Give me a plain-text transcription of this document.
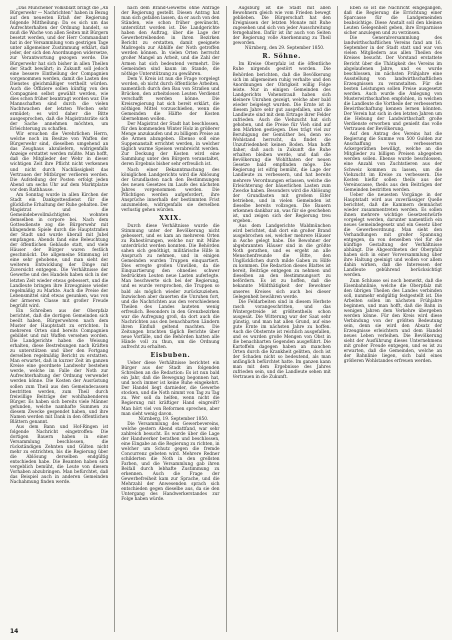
„Das Münchener Volksblatt bringt die „An Bürgerwehr — Nachrichten“ haben in Bezug auf den neuesten Erlaß der Regierung folgende Mittheilung: Da es sich um das Aufrechterhalten der Ordnung handelt, so muß die Wache von allen Seiten mit Bürgern besetzt werden, und der Herr Commandant hat in der Versammlung vom gestrigen Tage unter allgemeiner Zustimmung erklärt, daß jeder, der sich den Anordnungen widersetze, zur Verantwortung gezogen werde. Die Bürgerwehr hat sich bisher in allen Theilen der Stadt bewährt; in Zukunft soll jedoch eine bessere Eintheilung der Compagnien vorgenommen werden, damit die Lasten des Dienstes gleichmäßiger vertheilt würden. Auch die Offiziere sollen künftig von den Compagnien selbst gewählt werden, wie dies schon früher beantragt worden war. Die Mannschaften sind durch die vielen Nachtwachen der letzten Wochen sehr ermüdet; es wird daher die Bitte ausgesprochen, daß die Magistratsräte sich der Sache annehmen möchten, um Erleichterung zu schaffen.

Wir ersuchen die Verehrlichen Herrn, welche noch im Besitze von Waffen der Bürgerwehr sind, dieselben umgehend an das Zeughaus abzuliefern, widrigenfalls Anzeige erstattet werden müßte. Man hofft, daß die Mitglieder der Wehr in dieser wichtigen Zeit ihre Pflicht nicht verkennen und nicht durch Nachlässigkeit das Vertrauen der Mitbürger verlieren werden. Die Aufstellung der Posten erfolgt jeden Abend um sechs Uhr auf dem Marktplatze vor dem Rathhause.

Am Sonntag wurde in allen Kirchen der Stadt ein Dankgottesdienst für die glückliche Erhaltung der Ruhe gehalten. Der Magistrat und die Gemeindebevollmächtigten wohnten demselben in corpore bei. Nach dem Gottesdienste zog die Bürgerwehr mit klingendem Spiele durch die Hauptstraßen der Stadt und wurde überall mit Jubel empfangen. Abends fand eine Beleuchtung der öffentlichen Gebäude statt, und viele Häuser der Bürger waren festlich geschmückt. Die allgemeine Stimmung ist eine sehr gehobene, und man sieht der weiteren Entwicklung der Dinge mit Zuversicht entgegen. Die Verhältnisse der Gewerbe und des Handels haben sich in der letzten Zeit wieder etwas gebessert, und die Landleute bringen ihre Erzeugnisse wieder regelmäßig zu Markte. Auch die Preise der Lebensmittel sind etwas gesunken, was von der ärmeren Classe mit großer Freude begrüßt wird.

Ein Schreiben aus der Oberpfalz berichtet, daß die dortigen Gemeinden sich beeilt haben, Bürgerwehren nach dem Muster der Hauptstadt zu errichten. In mehreren Orten sind bereits Compagnien gebildet und mit Waffen versehen worden. Die Landgerichte haben die Weisung erhalten, diese Bestrebungen nach Kräften zu unterstützen und über den Fortgang derselben regelmäßig Bericht zu erstatten. Man erwartet, daß in kurzer Zeit im ganzen Kreise eine geordnete Landwehr bestehen werde, welche im Falle der Noth zur Aufrechterhaltung der Ordnung verwendet werden könne. Die Kosten der Ausrüstung sollen zum Theil aus den Gemeindecassen bestritten werden, zum Theil durch freiwillige Beiträge der wohlhabenderen Bürger. Es haben sich bereits viele Männer gefunden, welche namhafte Summen zu diesem Zwecke gespendet haben, und ihre Namen werden mit Dank in den öffentlichen Blättern genannt.

Aus dem Bann und Hof-Ringen ist folgende Nachricht eingetroffen: Die dortigen Bauern haben in einer Versammlung beschlossen, die rückständigen Zehnten und Gülten nicht mehr zu entrichten, bis die Regierung über die Ablösung derselben endgültig entschieden habe. Die Beamten haben sich vergeblich bemüht, die Leute von diesem Vorhaben abzubringen. Man befürchtet, daß das Beispiel auch in anderen Gemeinden Nachahmung finden werde.

nach dem Brand-Gewerbs ohne Anfrage der Regierung gestellt. Diesen Antrag hat man sich gefallen lassen, da er auch von den Ständen, wie schon früher gewünscht, unterstützt worden ist. Die Landgerichte haben den Auftrag, über die Lage der Gewerbetreibenden in ihren Bezirken Bericht zu erstatten, damit geeignete Maßregeln zur Abhilfe der Noth getroffen werden können. In vielen Orten herrscht großer Mangel an Arbeit, und die Zahl der Armen hat sich bedeutend vermehrt. Die Gemeinden sind kaum im Stande, die nöthige Unterstützung zu gewähren.

Dem V. Kreis ist nun die Frage vorgelegt worden, ob nicht durch öffentliche Arbeiten, namentlich durch den Bau von Straßen und Brücken, den arbeitslosen Leuten Verdienst verschafft werden könne. Die Kreisregierung hat sich bereit erklärt, die nöthigen Mittel vorzuschießen, wenn die Gemeinden die Hälfte der Kosten übernehmen wollen.

Der Magistrat der Stadt hat beschlossen, für den kommenden Winter Holz in größerer Menge anzukaufen und zu billigem Preise an die Armen abzugeben. Ebenso soll eine Suppenanstalt errichtet werden, in welcher täglich warme Speisen verabreicht werden. Zur Deckung der Kosten wird eine Sammlung unter den Bürgern veranstaltet, deren Ergebnis bisher sehr erfreulich ist.

Nach einer Bekanntmachung des königlichen Landgerichts wird die Ablösung der Grundlasten nach den Bestimmungen des neuen Gesetzes im Laufe des nächsten Jahres vorgenommen werden. Die Pflichtigen werden aufgefordert, ihre Ansprüche innerhalb der bestimmten Frist anzumelden, widrigenfalls sie derselben verlustig gehen würden.

XXIX.

Durch diese Verhältnisse wurde die Stimmung unter der Bevölkerung nicht gebessert, und es kam an mehreren Orten zu Ruhestörungen, welche nur mit Mühe unterdrückt werden konnten. Die Behörden sahen sich genöthigt, militärische Hilfe in Anspruch zu nehmen, und in einigen Gemeinden wurden Truppen einquartiert. Dies erregte großen Unwillen, da die Einquartierung den ohnedies schwer bedrückten Leuten neue Lasten auferlegte. Man beschwerte sich bei der Regierung, und es wurde versprochen, die Truppen so bald als möglich wieder zurückzuziehen. Inzwischen aber dauerten die Unruhen fort, und die Nachrichten aus den verschiedenen Theilen des Landes lauteten wenig erfreulich. Besonders in den Grenzbezirken war die Aufregung groß, da dort auch die Nachrichten aus den benachbarten Ländern ihren Einfluß geltend machten. Die Zeitungen brachten täglich Berichte über neue Vorfälle, und die Behörden hatten alle Hände voll zu thun, um die Ordnung aufrecht zu erhalten.

Eisbuben.

Ueber diese Verhältnisse berichtet ein Bürger aus der Stadt im folgenden Schreiben an die Redaction: Es ist nun bald ein Jahr, daß die Bewegung begonnen hat, und noch immer ist keine Ruhe eingekehrt. Der Handel liegt darnieder, die Gewerbe stocken, und die Noth nimmt von Tag zu Tag zu. Wer soll da helfen, wenn nicht die Regierung mit kräftiger Hand eingreift? Man hört viel von Reformen sprechen, aber man sieht wenig davon.

Nürnberg, 19. September 1850.

Die Versammlung des Gewerbevereins, welche gestern Abend stattfand, war sehr zahlreich besucht. Es wurde über die Lage der Handwerker berathen und beschlossen, eine Eingabe an die Regierung zu richten, in welcher um Schutz gegen die fremde Concurrenz gebeten wird. Mehrere Redner schilderten die Noth in den grellsten Farben, und die Versammlung gab ihren Beifall durch lebhafte Zustimmung zu erkennen. Auch die Frage der Gewerbefreiheit kam zur Sprache, und die Mehrzahl der Anwesenden sprach sich entschieden gegen dieselbe aus, da sie den Untergang des Handwerkerstandes zur Folge haben würde.

Augsburg ist die Stadt mit allen Bewohnern gleich wie vom Frieden bewegt geblieben. Die Bürgerschaft hat den Ereignissen der letzten Monate mit Ruhe zugesehen und sich von jeder Ausschreitung ferngehalten. Dafür ist ihr auch von Seiten der Regierung volle Anerkennung zu Theil geworden.

Nürnberg, den 29. September 1850.

R. Söhne.

Im Kreise Oberpfalz ist die öffentliche Ruhe nirgends gestört worden. Die Behörden berichten, daß die Bevölkerung sich im allgemeinen ruhig verhalte und den Anordnungen der Obrigkeit willig Folge leiste. Nur in einigen Gemeinden des Landgerichts Vohenstrauß haben sich kleinere Unruhen gezeigt, welche aber bald wieder beigelegt wurden. Die Ernte ist in diesem Jahre sehr gut ausgefallen, und die Landleute sind mit dem Ertrage ihrer Felder zufrieden. Auch die Viehzucht hat sich gehoben, und die Preise für Vieh sind auf den Märkten gestiegen. Dies trägt viel zur Beruhigung der Gemüther bei, denn wo Wohlstand herrscht, da findet die Unzufriedenheit keinen Boden. Man hofft daher, daß auch in Zukunft die Ruhe erhalten bleiben werde, und daß die Bevölkerung die Wohlthaten der neuen Gesetze bald empfinden möge. Die Regierung ist eifrig bemüht, die Lage der Landleute zu verbessern, und hat bereits mehrere Verordnungen erlassen, welche die Erleichterung der bäuerlichen Lasten zum Zwecke haben. Besonders wird die Ablösung der Grundlasten mit großem Eifer betrieben, und in vielen Gemeinden ist dieselbe bereits vollzogen. Die Bauern erkennen dankbar an, was für sie geschehen ist, und zeigen sich der Regierung treu ergeben.

Aus dem Landgerichte Waldmünchen wird berichtet, daß dort ein großer Brand ausgebrochen sei, welcher mehrere Häuser in Asche gelegt habe. Die Bewohner der abgebrannten Häuser sind in die größte Noth gerathen, und es ergeht an alle Menschenfreunde die Bitte, den Unglücklichen durch milde Gaben zu Hilfe zu kommen. Die Redaction dieses Blattes ist bereit, Beiträge entgegen zu nehmen und dieselben an den Bestimmungsort zu befördern. Es ist zu hoffen, daß die bekannte Mildthätigkeit der Bewohner unseres Kreises sich auch bei dieser Gelegenheit bewähren werde.

Die Feldarbeiten sind in diesem Herbste rasch vorangeschritten, und das Wintergetreide ist größtentheils schon ausgesät. Die Witterung war der Saat sehr günstig, und man hat allen Grund, auf eine gute Ernte im nächsten Jahre zu hoffen. Auch die Obsternte ist reichlich ausgefallen, und es wurden große Mengen von Obst in die benachbarten Gegenden ausgeführt. Die Kartoffeln dagegen haben an manchen Orten durch die Krankheit gelitten, doch ist der Schaden nicht so bedeutend, als man anfänglich befürchtet hatte. Im ganzen kann man mit dem Ergebnisse des Jahres zufrieden sein, und die Landleute sehen mit Vertrauen in die Zukunft.

Eben so ist die Nachricht eingegangen, daß die Regierung die Errichtung einer Sparcasse für die Landgemeinden beabsichtige. Diese Anstalt soll den kleinen Leuten Gelegenheit geben, ihre Ersparnisse sicher anzulegen und zu verzinsen.

Die Generalversammlung des landwirthschaftlichen Vereins fand am 16. September in der Stadt statt und war von vielen Mitgliedern aus allen Theilen des Kreises besucht. Der Vorstand erstattete Bericht über die Thätigkeit des Vereins im abgelaufenen Jahre, und es wurde beschlossen, im nächsten Frühjahre eine Ausstellung von landwirthschaftlichen Erzeugnissen zu veranstalten. Für die besten Leistungen sollen Preise ausgesetzt werden. Auch wurde die Anlegung von Musterwirthschaften empfohlen, in welchen die Landleute die Vortheile der verbesserten Bewirthschaftung kennen lernen könnten. Der Verein hat sich in den letzten Jahren um die Hebung der Landwirthschaft große Verdienste erworben und genießt das volle Vertrauen der Bevölkerung.

Auf den Antrag des Vereins hat die Regierung die Summe von 500 Gulden zur Anschaffung von verbesserten Ackergeräthen bewilligt, welche an die Mitglieder zu billigen Preisen abgegeben werden sollen. Ebenso wurde beschlossen, eine Anzahl von Zuchtstieren aus der Schweiz kommen zu lassen, um die Viehzucht im Kreise zu verbessern. Die Kosten hiefür sollen theils aus der Vereinscasse, theils aus den Beiträgen der Gemeinden bestritten werden.

Ueber die neuesten Vorgänge in der Hauptstadt wird aus zuverlässiger Quelle berichtet, daß die Kammern demnächst wieder zusammentreten werden. Es sollen ihnen mehrere wichtige Gesetzentwürfe vorgelegt werden, darunter namentlich ein neues Gemeindegesetz und ein Gesetz über die Gewerbeordnung. Man sieht den Verhandlungen mit großer Spannung entgegen, da von denselben viel für die künftige Gestaltung der Verhältnisse abhängt. Die Abgeordneten der Oberpfalz haben sich in einer Vorversammlung über ihre Haltung geeinigt und wollen vor allem dahin wirken, daß die Interessen der Landleute gebührend berücksichtigt werden.

Zum Schlusse sei noch bemerkt, daß die Eisenbahnlinie, welche die Oberpfalz mit den übrigen Theilen des Landes verbinden soll, nunmehr endgültig festgestellt ist. Die Arbeiten sollen im nächsten Frühjahre beginnen, und man hofft, daß die Bahn in wenigen Jahren dem Verkehre übergeben werden könne. Für den Kreis wird diese Verbindung von der größten Bedeutung sein, denn sie wird den Absatz der Erzeugnisse erleichtern und dem Handel neues Leben verleihen. Die Bevölkerung sieht der Ausführung dieses Unternehmens mit großer Freude entgegen, und es ist zu erwarten, daß die Gemeinden, welche an der Bahnlinie liegen, sich bald eines größeren Wohlstandes erfreuen werden.

14
